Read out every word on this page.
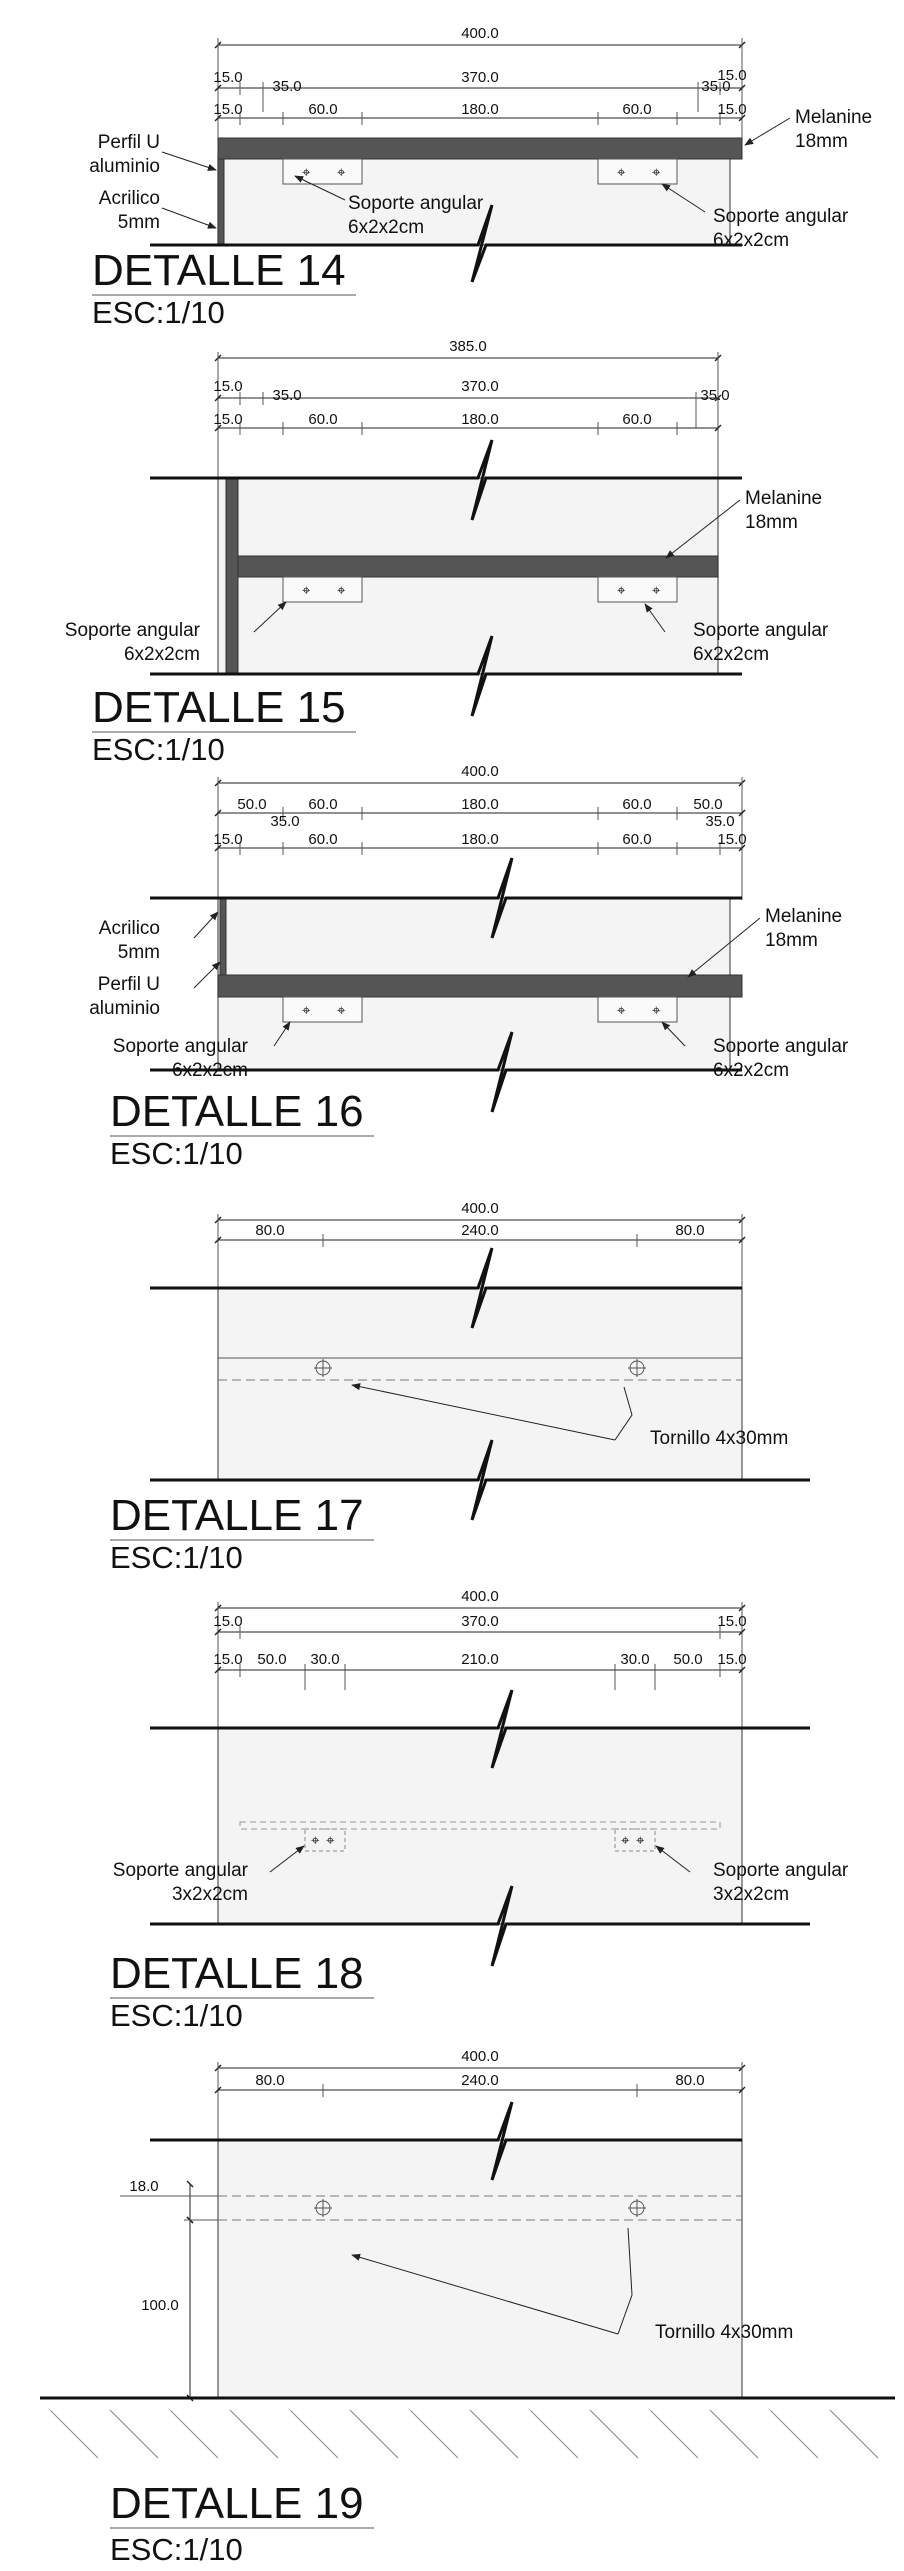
400.0
15.0
35.0
370.0
35.0
15.0
15.0	60.0	180.0	60.0	15.0
⌖ ⌖	⌖ ⌖
Perfil U
aluminio
Acrilico
5mm
Melanine
18mm
Soporte angular
6x2x2cm
Soporte angular
6x2x2cm
DETALLE 14
ESC:1/10
385.0
15.0
35.0
370.0
35.0
15.0	60.0	180.0	60.0
⌖ ⌖	⌖ ⌖
Melanine
18mm
Soporte angular
6x2x2cm
Soporte angular
6x2x2cm
DETALLE 15
ESC:1/10
400.0
50.0	60.0	180.0	60.0	50.0
35.0	35.0
15.0	60.0	180.0	60.0	15.0
⌖ ⌖	⌖ ⌖
Acrilico
5mm
Perfil U
aluminio
Melanine
18mm
Soporte angular
6x2x2cm
Soporte angular
6x2x2cm
DETALLE 16
ESC:1/10
400.0
80.0	240.0	80.0
Tornillo 4x30mm
DETALLE 17
ESC:1/10
400.0
15.0	370.0	15.0
15.0 50.0 30.0	210.0	30.0 50.0 15.0
⌖ ⌖	⌖ ⌖
Soporte angular
3x2x2cm
Soporte angular
3x2x2cm
DETALLE 18
ESC:1/10
400.0
80.0	240.0	80.0
18.0
100.0
Tornillo 4x30mm
DETALLE 19
ESC:1/10
